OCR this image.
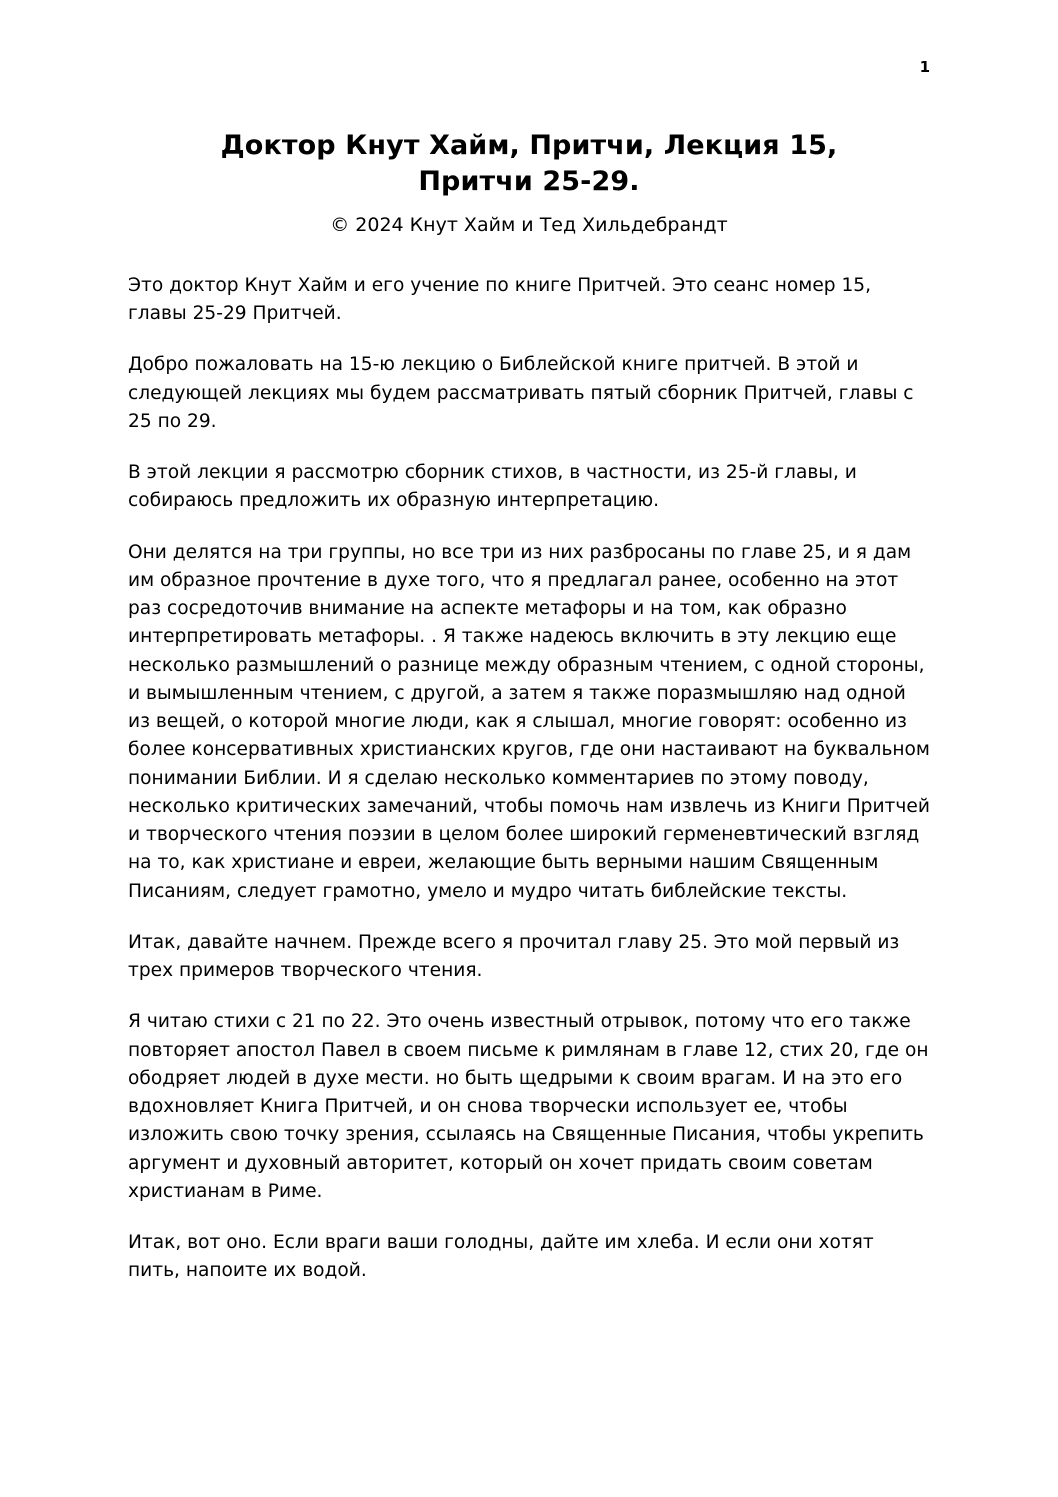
1
Доктор Кнут Хайм, Притчи, Лекция 15,
Притчи 25-29.
© 2024 Кнут Хайм и Тед Хильдебрандт

Это доктор Кнут Хайм и его учение по книге Притчей. Это сеанс номер 15, главы 25-29 Притчей.

Добро пожаловать на 15-ю лекцию о Библейской книге притчей. В этой и следующей лекциях мы будем рассматривать пятый сборник Притчей, главы с 25 по 29.

В этой лекции я рассмотрю сборник стихов, в частности, из 25-й главы, и собираюсь предложить их образную интерпретацию.

Они делятся на три группы, но все три из них разбросаны по главе 25, и я дам им образное прочтение в духе того, что я предлагал ранее, особенно на этот раз сосредоточив внимание на аспекте метафоры и на том, как образно интерпретировать метафоры. . Я также надеюсь включить в эту лекцию еще несколько размышлений о разнице между образным чтением, с одной стороны, и вымышленным чтением, с другой, а затем я также поразмышляю над одной из вещей, о которой многие люди, как я слышал, многие говорят: особенно из более консервативных христианских кругов, где они настаивают на буквальном понимании Библии. И я сделаю несколько комментариев по этому поводу, несколько критических замечаний, чтобы помочь нам извлечь из Книги Притчей и творческого чтения поэзии в целом более широкий герменевтический взгляд на то, как христиане и евреи, желающие быть верными нашим Священным Писаниям, следует грамотно, умело и мудро читать библейские тексты.

Итак, давайте начнем. Прежде всего я прочитал главу 25. Это мой первый из трех примеров творческого чтения.

Я читаю стихи с 21 по 22. Это очень известный отрывок, потому что его также повторяет апостол Павел в своем письме к римлянам в главе 12, стих 20, где он ободряет людей в духе мести. но быть щедрыми к своим врагам. И на это его вдохновляет Книга Притчей, и он снова творчески использует ее, чтобы изложить свою точку зрения, ссылаясь на Священные Писания, чтобы укрепить аргумент и духовный авторитет, который он хочет придать своим советам христианам в Риме.

Итак, вот оно. Если враги ваши голодны, дайте им хлеба. И если они хотят пить, напоите их водой.
